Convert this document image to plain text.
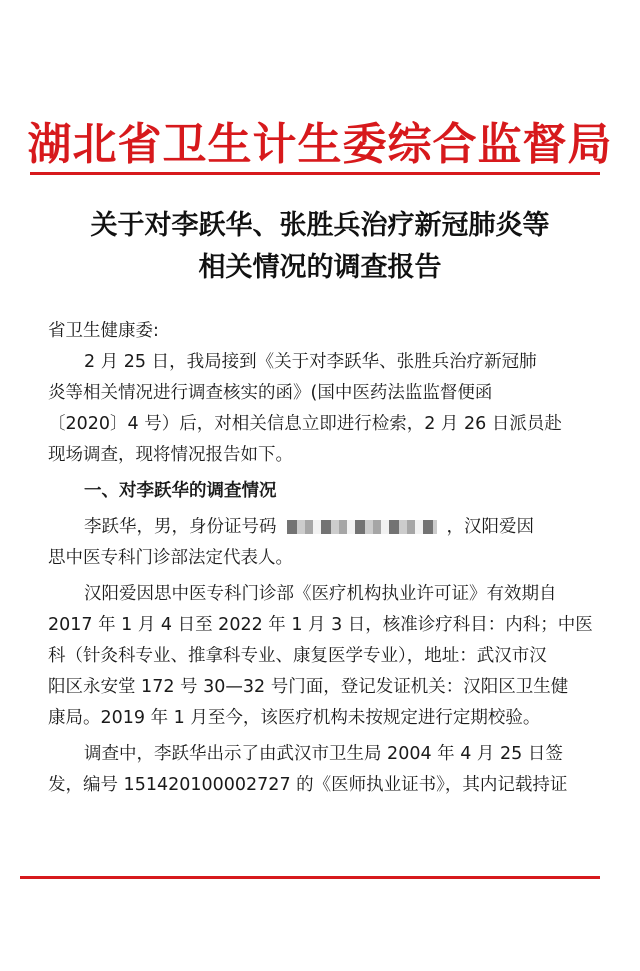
湖北省卫生计生委综合监督局
关于对李跃华、张胜兵治疗新冠肺炎等
相关情况的调查报告
省卫生健康委:
2 月 25 日，我局接到《关于对李跃华、张胜兵治疗新冠肺
炎等相关情况进行调查核实的函》(国中医药法监监督便函
〔2020〕4 号）后，对相关信息立即进行检索，2 月 26 日派员赴
现场调查，现将情况报告如下。
一、对李跃华的调查情况
李跃华，男，身份证号码	，汉阳爱因
思中医专科门诊部法定代表人。
汉阳爱因思中医专科门诊部《医疗机构执业许可证》有效期自
2017 年 1 月 4 日至 2022 年 1 月 3 日，核准诊疗科目：内科；中医
科（针灸科专业、推拿科专业、康复医学专业），地址：武汉市汉
阳区永安堂 172 号 30—32 号门面，登记发证机关：汉阳区卫生健
康局。2019 年 1 月至今，该医疗机构未按规定进行定期校验。
调查中，李跃华出示了由武汉市卫生局 2004 年 4 月 25 日签
发，编号 151420100002727 的《医师执业证书》，其内记载持证
